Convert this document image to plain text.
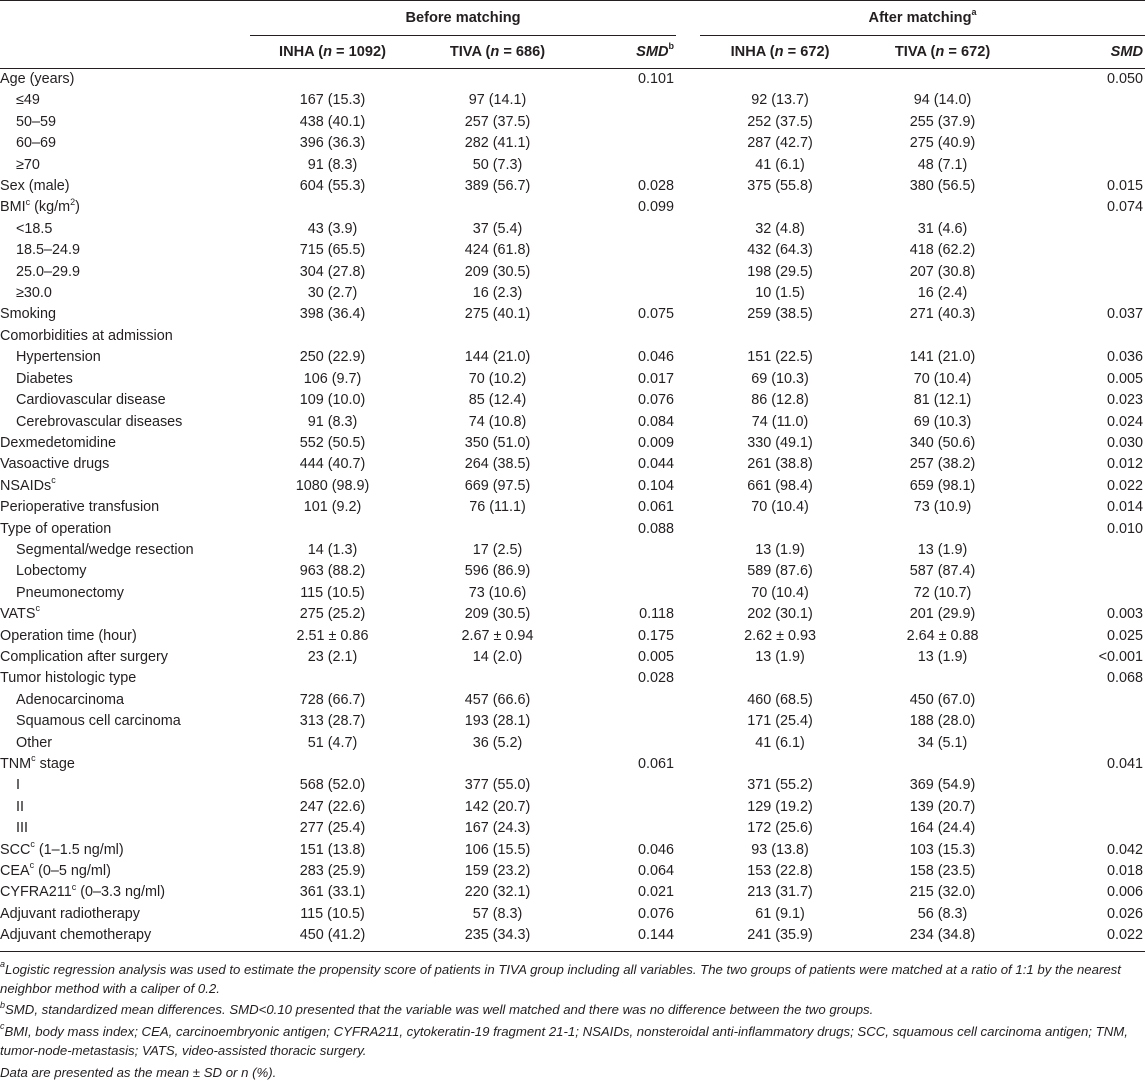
	Before matching				After matching$^a$
	INHA (n = 1092)	TIVA (n = 686)	SMD$^b$		INHA (n = 672)	TIVA (n = 672)	SMD
Age (years)			0.101				0.050
≤49	167 (15.3)	97 (14.1)			92 (13.7)	94 (14.0)	
50–59	438 (40.1)	257 (37.5)			252 (37.5)	255 (37.9)	
60–69	396 (36.3)	282 (41.1)			287 (42.7)	275 (40.9)	
≥70	91 (8.3)	50 (7.3)			41 (6.1)	48 (7.1)	
Sex (male)	604 (55.3)	389 (56.7)	0.028		375 (55.8)	380 (56.5)	0.015
BMI$^c$ $(kg/m^2)$			0.099				0.074
<18.5	43 (3.9)	37 (5.4)			32 (4.8)	31 (4.6)	
18.5–24.9	715 (65.5)	424 (61.8)			432 (64.3)	418 (62.2)	
25.0–29.9	304 (27.8)	209 (30.5)			198 (29.5)	207 (30.8)	
≥30.0	30 (2.7)	16 (2.3)			10 (1.5)	16 (2.4)	
Smoking	398 (36.4)	275 (40.1)	0.075		259 (38.5)	271 (40.3)	0.037
Comorbidities at admission							
Hypertension	250 (22.9)	144 (21.0)	0.046		151 (22.5)	141 (21.0)	0.036
Diabetes	106 (9.7)	70 (10.2)	0.017		69 (10.3)	70 (10.4)	0.005
Cardiovascular disease	109 (10.0)	85 (12.4)	0.076		86 (12.8)	81 (12.1)	0.023
Cerebrovascular diseases	91 (8.3)	74 (10.8)	0.084		74 (11.0)	69 (10.3)	0.024
Dexmedetomidine	552 (50.5)	350 (51.0)	0.009		330 (49.1)	340 (50.6)	0.030
Vasoactive drugs	444 (40.7)	264 (38.5)	0.044		261 (38.8)	257 (38.2)	0.012
NSAIDs$^c$	1080 (98.9)	669 (97.5)	0.104		661 (98.4)	659 (98.1)	0.022
Perioperative transfusion	101 (9.2)	76 (11.1)	0.061		70 (10.4)	73 (10.9)	0.014
Type of operation			0.088				0.010
Segmental/wedge resection	14 (1.3)	17 (2.5)			13 (1.9)	13 (1.9)	
Lobectomy	963 (88.2)	596 (86.9)			589 (87.6)	587 (87.4)	
Pneumonectomy	115 (10.5)	73 (10.6)			70 (10.4)	72 (10.7)	
VATS$^c$	275 (25.2)	209 (30.5)	0.118		202 (30.1)	201 (29.9)	0.003
Operation time (hour)	2.51 ± 0.86	2.67 ± 0.94	0.175		2.62 ± 0.93	2.64 ± 0.88	0.025
Complication after surgery	23 (2.1)	14 (2.0)	0.005		13 (1.9)	13 (1.9)	<0.001
Tumor histologic type			0.028				0.068
Adenocarcinoma	728 (66.7)	457 (66.6)			460 (68.5)	450 (67.0)	
Squamous cell carcinoma	313 (28.7)	193 (28.1)			171 (25.4)	188 (28.0)	
Other	51 (4.7)	36 (5.2)			41 (6.1)	34 (5.1)	
TNM$^c$ stage			0.061				0.041
I	568 (52.0)	377 (55.0)			371 (55.2)	369 (54.9)	
II	247 (22.6)	142 (20.7)			129 (19.2)	139 (20.7)	
III	277 (25.4)	167 (24.3)			172 (25.6)	164 (24.4)	
SCC$^c$ (1–1.5 ng/ml)	151 (13.8)	106 (15.5)	0.046		93 (13.8)	103 (15.3)	0.042
CEA$^c$ (0–5 ng/ml)	283 (25.9)	159 (23.2)	0.064		153 (22.8)	158 (23.5)	0.018
CYFRA211$^c$ (0–3.3 ng/ml)	361 (33.1)	220 (32.1)	0.021		213 (31.7)	215 (32.0)	0.006
Adjuvant radiotherapy	115 (10.5)	57 (8.3)	0.076		61 (9.1)	56 (8.3)	0.026
Adjuvant chemotherapy	450 (41.2)	235 (34.3)	0.144		241 (35.9)	234 (34.8)	0.022

$^a$Logistic regression analysis was used to estimate the propensity score of patients in TIVA group including all variables. The two groups of patients were matched at a ratio of 1:1 by the nearest neighbor method with a caliper of 0.2.

$^b$SMD, standardized mean differences. SMD<0.10 presented that the variable was well matched and there was no difference between the two groups.

$^c$BMI, body mass index; CEA, carcinoembryonic antigen; CYFRA211, cytokeratin-19 fragment 21-1; NSAIDs, nonsteroidal anti-inflammatory drugs; SCC, squamous cell carcinoma antigen; TNM, tumor-node-metastasis; VATS, video-assisted thoracic surgery.

Data are presented as the mean ± SD or n (%).
